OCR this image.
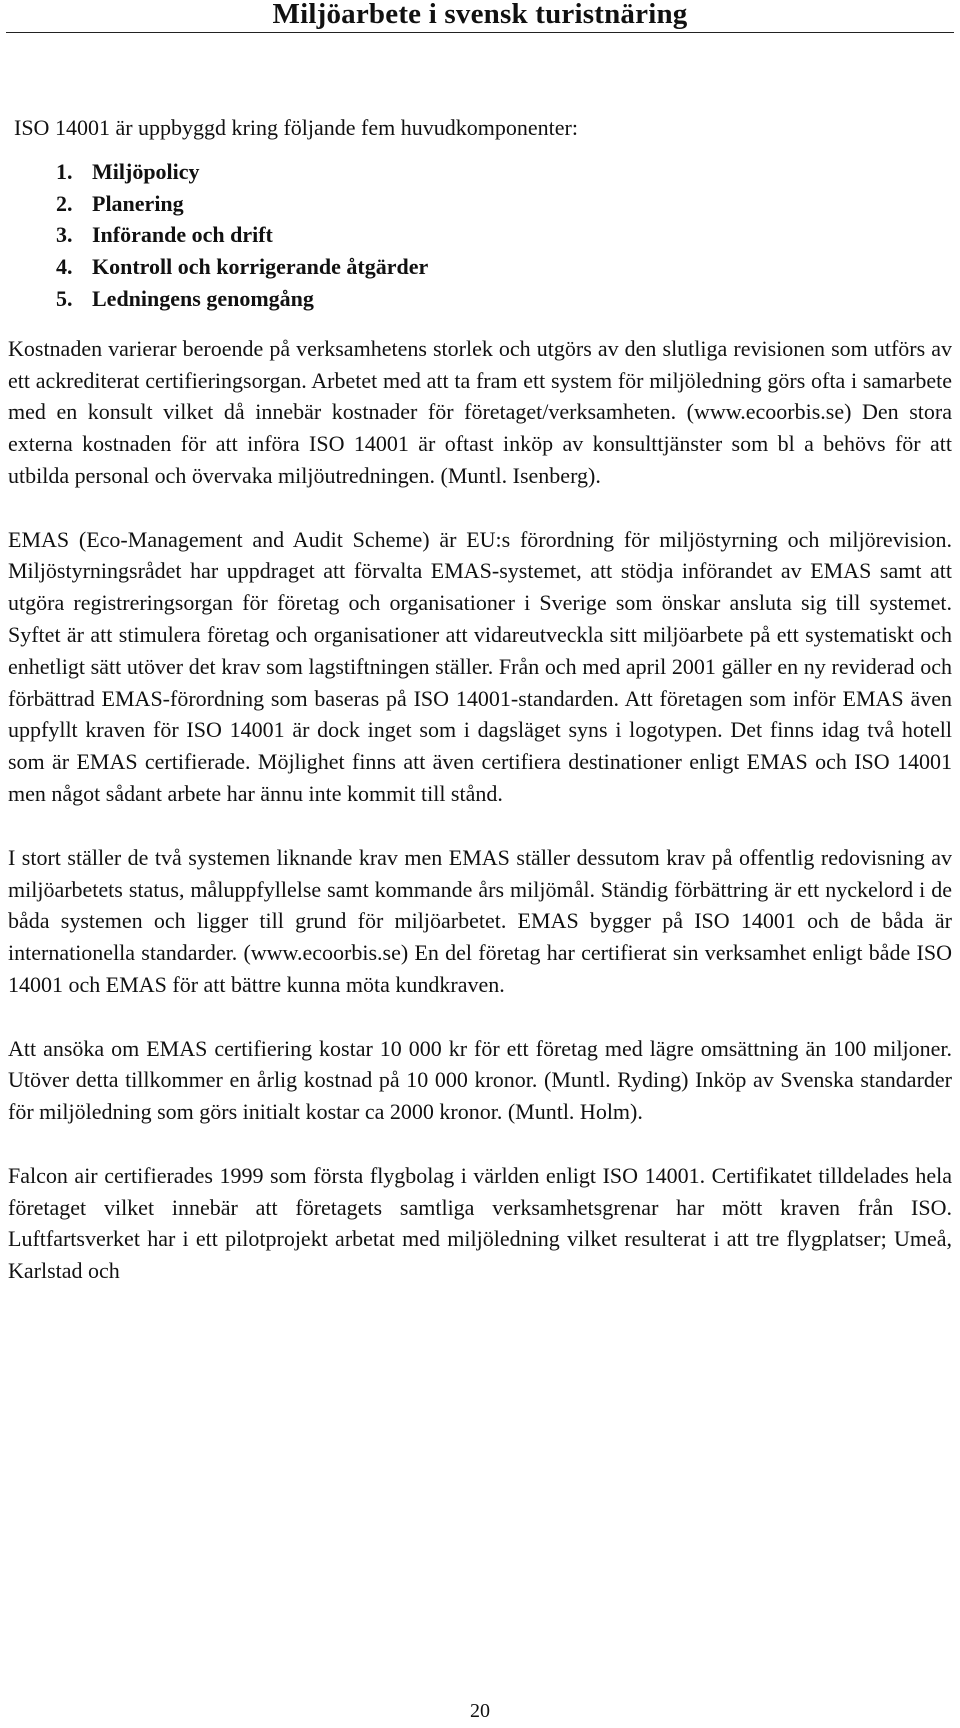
Miljöarbete i svensk turistnäring

ISO 14001 är uppbyggd kring följande fem huvudkomponenter:

Miljöpolicy
Planering
Införande och drift
Kontroll och korrigerande åtgärder
Ledningens genomgång

Kostnaden varierar beroende på verksamhetens storlek och utgörs av den slutliga revisionen som utförs av ett ackrediterat certifieringsorgan. Arbetet med att ta fram ett system för miljöledning görs ofta i samarbete med en konsult vilket då innebär kostnader för företaget/verksamheten. (www.ecoorbis.se) Den stora externa kostnaden för att införa ISO 14001 är oftast inköp av konsulttjänster som bl a behövs för att utbilda personal och övervaka miljöutredningen. (Muntl. Isenberg).

EMAS (Eco-Management and Audit Scheme) är EU:s förordning för miljöstyrning och miljörevision. Miljöstyrningsrådet har uppdraget att förvalta EMAS-systemet, att stödja införandet av EMAS samt att utgöra registreringsorgan för företag och organisationer i Sverige som önskar ansluta sig till systemet. Syftet är att stimulera företag och organisationer att vidareutveckla sitt miljöarbete på ett systematiskt och enhetligt sätt utöver det krav som lagstiftningen ställer. Från och med april 2001 gäller en ny reviderad och förbättrad EMAS-förordning som baseras på ISO 14001-standarden. Att företagen som inför EMAS även uppfyllt kraven för ISO 14001 är dock inget som i dagsläget syns i logotypen. Det finns idag två hotell som är EMAS certifierade. Möjlighet finns att även certifiera destinationer enligt EMAS och ISO 14001 men något sådant arbete har ännu inte kommit till stånd.

I stort ställer de två systemen liknande krav men EMAS ställer dessutom krav på offentlig redovisning av miljöarbetets status, måluppfyllelse samt kommande års miljömål. Ständig förbättring är ett nyckelord i de båda systemen och ligger till grund för miljöarbetet. EMAS bygger på ISO 14001 och de båda är internationella standarder. (www.ecoorbis.se) En del företag har certifierat sin verksamhet enligt både ISO 14001 och EMAS för att bättre kunna möta kundkraven.

Att ansöka om EMAS certifiering kostar 10 000 kr för ett företag med lägre omsättning än 100 miljoner. Utöver detta tillkommer en årlig kostnad på 10 000 kronor. (Muntl. Ryding) Inköp av Svenska standarder för miljöledning som görs initialt kostar ca 2000 kronor. (Muntl. Holm).

Falcon air certifierades 1999 som första flygbolag i världen enligt ISO 14001. Certifikatet tilldelades hela företaget vilket innebär att företagets samtliga verksamhetsgrenar har mött kraven från ISO. Luftfartsverket har i ett pilotprojekt arbetat med miljöledning vilket resulterat i att tre flygplatser; Umeå, Karlstad och

20
